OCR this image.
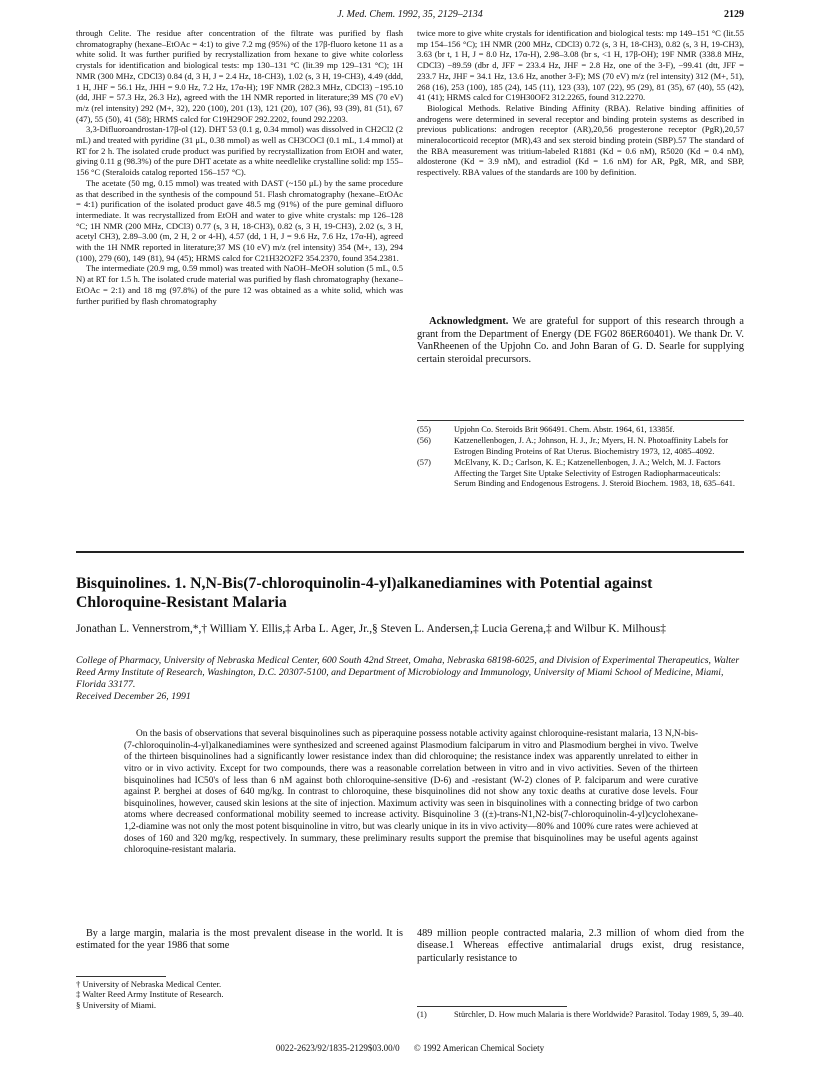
J. Med. Chem. 1992, 35, 2129–2134	2129

through Celite. The residue after concentration of the filtrate was purified by flash chromatography (hexane–EtOAc = 4:1) to give 7.2 mg (95%) of the 17β-fluoro ketone 11 as a white solid. It was further purified by recrystallization from hexane to give white colorless crystals for identification and biological tests: mp 130–131 °C (lit.39 mp 129–131 °C); 1H NMR (300 MHz, CDCl3) 0.84 (d, 3 H, J = 2.4 Hz, 18-CH3), 1.02 (s, 3 H, 19-CH3), 4.49 (ddd, 1 H, JHF = 56.1 Hz, JHH = 9.0 Hz, 7.2 Hz, 17α-H); 19F NMR (282.3 MHz, CDCl3) −195.10 (dd, JHF = 57.3 Hz, 26.3 Hz), agreed with the 1H NMR reported in literature;39 MS (70 eV) m/z (rel intensity) 292 (M+, 32), 220 (100), 201 (13), 121 (20), 107 (36), 93 (39), 81 (51), 67 (47), 55 (50), 41 (58); HRMS calcd for C19H29OF 292.2202, found 292.2203.

3,3-Difluoroandrostan-17β-ol (12). DHT 53 (0.1 g, 0.34 mmol) was dissolved in CH2Cl2 (2 mL) and treated with pyridine (31 μL, 0.38 mmol) as well as CH3COCl (0.1 mL, 1.4 mmol) at RT for 2 h. The isolated crude product was purified by recrystallization from EtOH and water, giving 0.11 g (98.3%) of the pure DHT acetate as a white needlelike crystalline solid: mp 155–156 °C (Steraloids catalog reported 156–157 °C).

The acetate (50 mg, 0.15 mmol) was treated with DAST (~150 μL) by the same procedure as that described in the synthesis of the compound 51. Flash chromatography (hexane–EtOAc = 4:1) purification of the isolated product gave 48.5 mg (91%) of the pure geminal difluoro intermediate. It was recrystallized from EtOH and water to give white crystals: mp 126–128 °C; 1H NMR (200 MHz, CDCl3) 0.77 (s, 3 H, 18-CH3), 0.82 (s, 3 H, 19-CH3), 2.02 (s, 3 H, acetyl CH3), 2.89–3.00 (m, 2 H, 2 or 4-H), 4.57 (dd, 1 H, J = 9.6 Hz, 7.6 Hz, 17α-H), agreed with the 1H NMR reported in literature;37 MS (10 eV) m/z (rel intensity) 354 (M+, 13), 294 (100), 279 (60), 149 (81), 94 (45); HRMS calcd for C21H32O2F2 354.2370, found 354.2381.

The intermediate (20.9 mg, 0.59 mmol) was treated with NaOH–MeOH solution (5 mL, 0.5 N) at RT for 1.5 h. The isolated crude material was purified by flash chromatography (hexane–EtOAc = 2:1) and 18 mg (97.8%) of the pure 12 was obtained as a white solid, which was further purified by flash chromatography

twice more to give white crystals for identification and biological tests: mp 149–151 °C (lit.55 mp 154–156 °C); 1H NMR (200 MHz, CDCl3) 0.72 (s, 3 H, 18-CH3), 0.82 (s, 3 H, 19-CH3), 3.63 (br t, 1 H, J = 8.0 Hz, 17α-H), 2.98–3.08 (br s, <1 H, 17β-OH); 19F NMR (338.8 MHz, CDCl3) −89.59 (dbr d, JFF = 233.4 Hz, JHF = 2.8 Hz, one of the 3-F), −99.41 (dtt, JFF = 233.7 Hz, JHF = 34.1 Hz, 13.6 Hz, another 3-F); MS (70 eV) m/z (rel intensity) 312 (M+, 51), 268 (16), 253 (100), 185 (24), 145 (11), 123 (33), 107 (22), 95 (29), 81 (35), 67 (40), 55 (42), 41 (41); HRMS calcd for C19H30OF2 312.2265, found 312.2270.

Biological Methods. Relative Binding Affinity (RBA). Relative binding affinities of androgens were determined in several receptor and binding protein systems as described in previous publications: androgen receptor (AR),20,56 progesterone receptor (PgR),20,57 mineralocorticoid receptor (MR),43 and sex steroid binding protein (SBP).57 The standard of the RBA measurement was tritium-labeled R1881 (Kd = 0.6 nM), R5020 (Kd = 0.4 nM), aldosterone (Kd = 3.9 nM), and estradiol (Kd = 1.6 nM) for AR, PgR, MR, and SBP, respectively. RBA values of the standards are 100 by definition.

Acknowledgment. We are grateful for support of this research through a grant from the Department of Energy (DE FG02 86ER60401). We thank Dr. V. VanRheenen of the Upjohn Co. and John Baran of G. D. Searle for supplying certain steroidal precursors.
(55)	Upjohn Co. Steroids Brit 966491. Chem. Abstr. 1964, 61, 13385f.
(56)	Katzenellenbogen, J. A.; Johnson, H. J., Jr.; Myers, H. N. Photoaffinity Labels for Estrogen Binding Proteins of Rat Uterus. Biochemistry 1973, 12, 4085–4092.
(57)	McElvany, K. D.; Carlson, K. E.; Katzenellenbogen, J. A.; Welch, M. J. Factors Affecting the Target Site Uptake Selectivity of Estrogen Radiopharmaceuticals: Serum Binding and Endogenous Estrogens. J. Steroid Biochem. 1983, 18, 635–641.
Bisquinolines. 1. N,N-Bis(7-chloroquinolin-4-yl)alkanediamines with Potential against Chloroquine-Resistant Malaria
Jonathan L. Vennerstrom,*,† William Y. Ellis,‡ Arba L. Ager, Jr.,§ Steven L. Andersen,‡ Lucia Gerena,‡ and Wilbur K. Milhous‡
College of Pharmacy, University of Nebraska Medical Center, 600 South 42nd Street, Omaha, Nebraska 68198-6025, and Division of Experimental Therapeutics, Walter Reed Army Institute of Research, Washington, D.C. 20307-5100, and Department of Microbiology and Immunology, University of Miami School of Medicine, Miami, Florida 33177.
Received December 26, 1991

On the basis of observations that several bisquinolines such as piperaquine possess notable activity against chloroquine-resistant malaria, 13 N,N-bis-(7-chloroquinolin-4-yl)alkanediamines were synthesized and screened against Plasmodium falciparum in vitro and Plasmodium berghei in vivo. Twelve of the thirteen bisquinolines had a significantly lower resistance index than did chloroquine; the resistance index was apparently unrelated to either in vitro or in vivo activity. Except for two compounds, there was a reasonable correlation between in vitro and in vivo activities. Seven of the thirteen bisquinolines had IC50's of less than 6 nM against both chloroquine-sensitive (D-6) and -resistant (W-2) clones of P. falciparum and were curative against P. berghei at doses of 640 mg/kg. In contrast to chloroquine, these bisquinolines did not show any toxic deaths at curative dose levels. Four bisquinolines, however, caused skin lesions at the site of injection. Maximum activity was seen in bisquinolines with a connecting bridge of two carbon atoms where decreased conformational mobility seemed to increase activity. Bisquinoline 3 ((±)-trans-N1,N2-bis(7-chloroquinolin-4-yl)cyclohexane-1,2-diamine was not only the most potent bisquinoline in vitro, but was clearly unique in its in vivo activity—80% and 100% cure rates were achieved at doses of 160 and 320 mg/kg, respectively. In summary, these preliminary results support the premise that bisquinolines may be useful agents against chloroquine-resistant malaria.

By a large margin, malaria is the most prevalent disease in the world. It is estimated for the year 1986 that some

489 million people contracted malaria, 2.3 million of whom died from the disease.1 Whereas effective antimalarial drugs exist, drug resistance, particularly resistance to

† University of Nebraska Medical Center.
‡ Walter Reed Army Institute of Research.
§ University of Miami.
(1)	Stürchler, D. How much Malaria is there Worldwide? Parasitol. Today 1989, 5, 39–40.
0022-2623/92/1835-2129$03.00/0 © 1992 American Chemical Society
